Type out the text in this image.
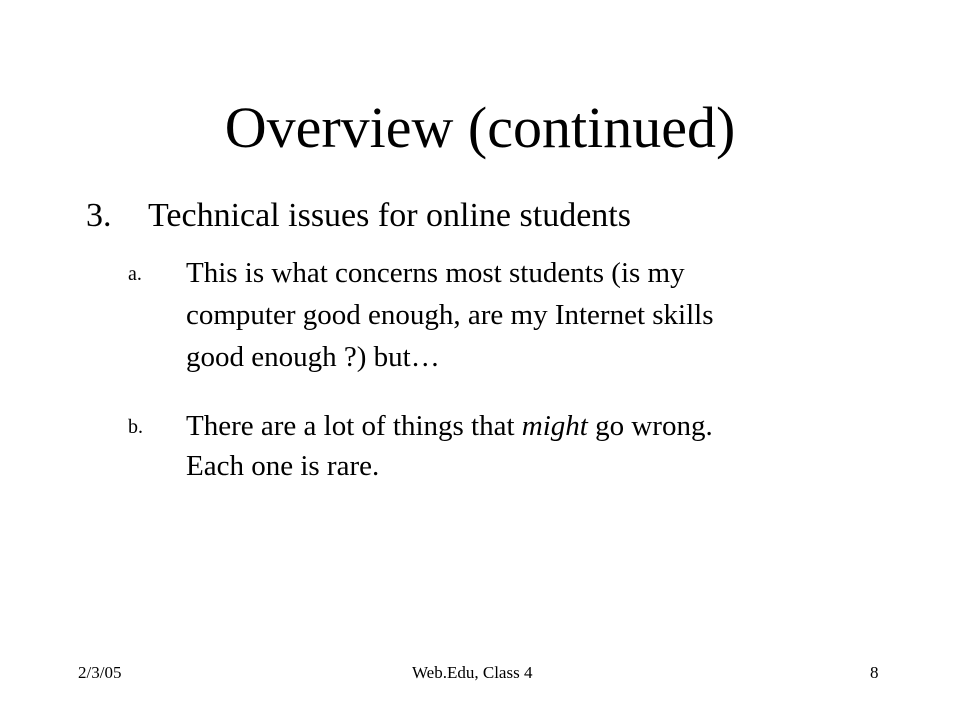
Overview (continued)
3. Technical issues for online students
a. This is what concerns most students (is my
computer good enough, are my Internet skills
good enough ?) but…
b. There are a lot of things that might go wrong.
Each one is rare.
2/3/05	Web.Edu, Class 4	8
